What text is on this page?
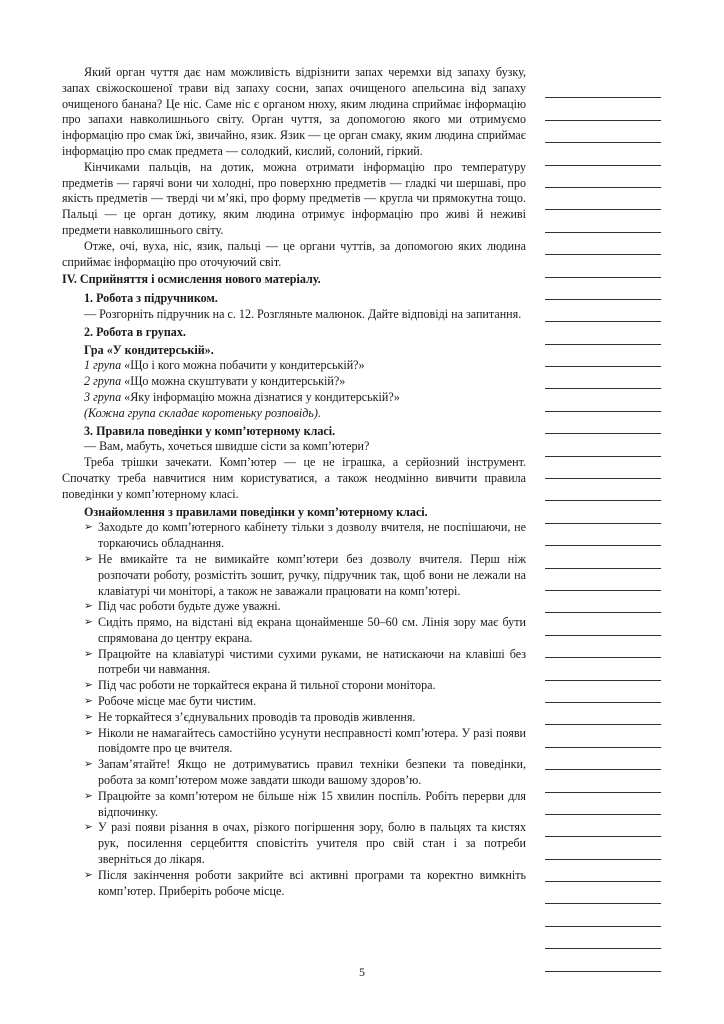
Який орган чуття дає нам можливість відрізнити запах черемхи від запаху бузку, запах свіжоскошеної трави від запаху сосни, запах очищеного апельсина від запаху очищеного банана? Це ніс. Саме ніс є органом нюху, яким людина сприймає інформацію про запахи навколишнього світу. Орган чуття, за допомогою якого ми отримуємо інформацію про смак їжі, звичайно, язик. Язик — це орган смаку, яким людина сприймає інформацію про смак предмета — солодкий, кислий, солоний, гіркий.

Кінчиками пальців, на дотик, можна отримати інформацію про температуру предметів — гарячі вони чи холодні, про поверхню предметів — гладкі чи шершаві, про якість предметів — тверді чи м’які, про форму предметів — кругла чи прямокутна тощо. Пальці — це орган дотику, яким людина отримує інформацію про живі й неживі предмети навколишнього світу.

Отже, очі, вуха, ніс, язик, пальці — це органи чуттів, за допомогою яких людина сприймає інформацію про оточуючий світ.

IV. Сприйняття і осмислення нового матеріалу.

1. Робота з підручником.

— Розгорніть підручник на с. 12. Розгляньте малюнок. Дайте відповіді на запитання.

2. Робота в групах.

Гра «У кондитерській».

1 група «Що і кого можна побачити у кондитерській?»

2 група «Що можна скуштувати у кондитерській?»

3 група «Яку інформацію можна дізнатися у кондитерській?»

(Кожна група складає коротеньку розповідь).

3. Правила поведінки у комп’ютерному класі.

— Вам, мабуть, хочеться швидше сісти за комп’ютери?

Треба трішки зачекати. Комп’ютер — це не іграшка, а серйозний інструмент. Спочатку треба навчитися ним користуватися, а також неодмінно вивчити правила поведінки у комп’ютерному класі.

Ознайомлення з правилами поведінки у комп’ютерному класі.

➢ Заходьте до комп’ютерного кабінету тільки з дозволу вчителя, не поспішаючи, не торкаючись обладнання.
➢ Не вмикайте та не вимикайте комп’ютери без дозволу вчителя. Перш ніж розпочати роботу, розмістіть зошит, ручку, підручник так, щоб вони не лежали на клавіатурі чи моніторі, а також не заважали працювати на комп’ютері.
➢ Під час роботи будьте дуже уважні.
➢ Сидіть прямо, на відстані від екрана щонайменше 50–60 см. Лінія зору має бути спрямована до центру екрана.
➢ Працюйте на клавіатурі чистими сухими руками, не натискаючи на клавіші без потреби чи навмання.
➢ Під час роботи не торкайтеся екрана й тильної сторони монітора.
➢ Робоче місце має бути чистим.
➢ Не торкайтеся з’єднувальних проводів та проводів живлення.
➢ Ніколи не намагайтесь самостійно усунути несправності комп’ютера. У разі появи повідомте про це вчителя.
➢ Запам’ятайте! Якщо не дотримуватись правил техніки безпеки та поведінки, робота за комп’ютером може завдати шкоди вашому здоров’ю.
➢ Працюйте за комп’ютером не більше ніж 15 хвилин поспіль. Робіть перерви для відпочинку.
➢ У разі появи різання в очах, різкого погіршення зору, болю в пальцях та кистях рук, посилення серцебиття сповістіть учителя про свій стан і за потреби зверніться до лікаря.
➢ Після закінчення роботи закрийте всі активні програми та коректно вимкніть комп’ютер. Приберіть робоче місце.
5
